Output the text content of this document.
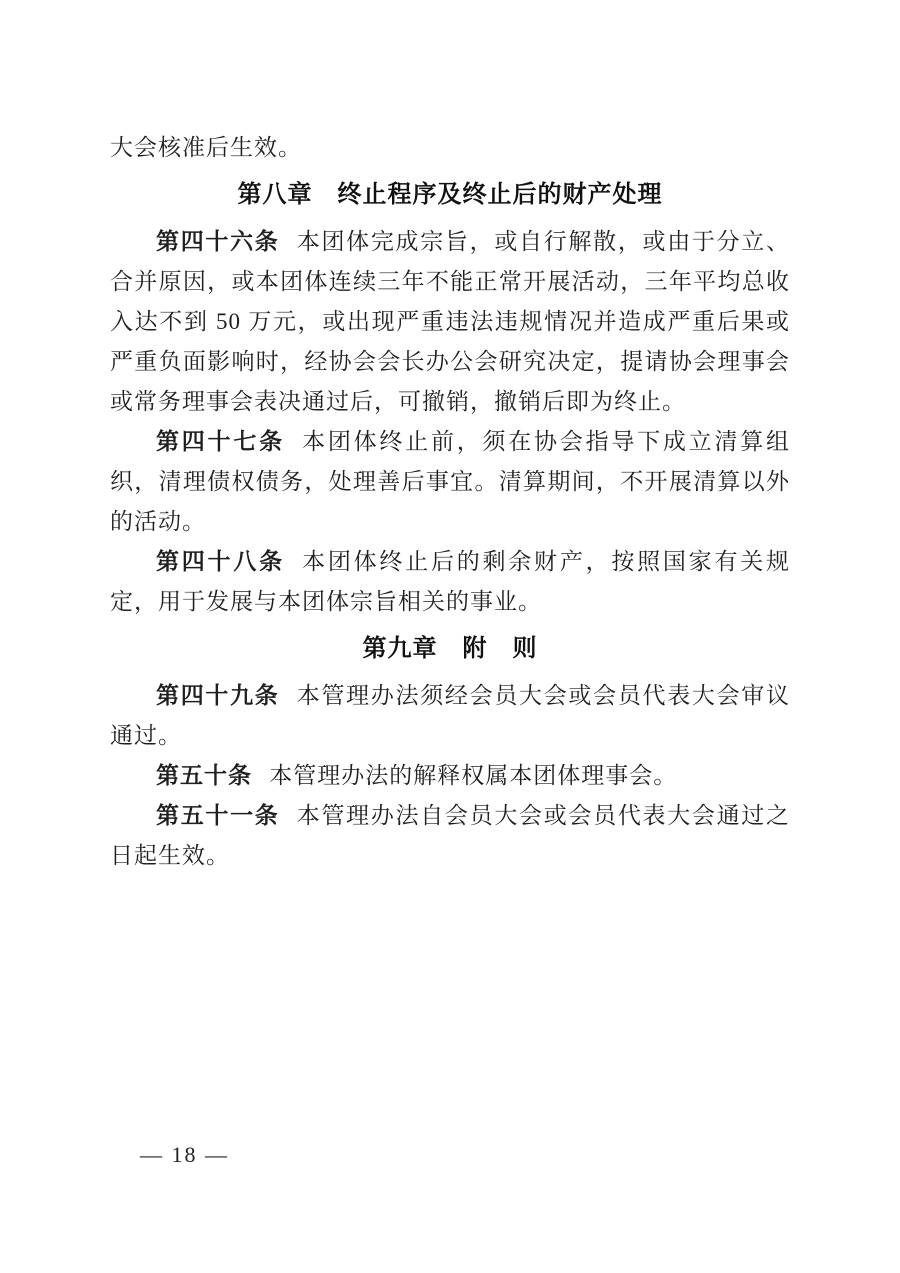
大会核准后生效。

第八章　终止程序及终止后的财产处理

第四十六条 本团体完成宗旨，或自行解散，或由于分立、合并原因，或本团体连续三年不能正常开展活动，三年平均总收入达不到 50 万元，或出现严重违法违规情况并造成严重后果或严重负面影响时，经协会会长办公会研究决定，提请协会理事会或常务理事会表决通过后，可撤销，撤销后即为终止。

第四十七条 本团体终止前，须在协会指导下成立清算组织，清理债权债务，处理善后事宜。清算期间，不开展清算以外的活动。

第四十八条 本团体终止后的剩余财产，按照国家有关规定，用于发展与本团体宗旨相关的事业。

第九章　附　则

第四十九条 本管理办法须经会员大会或会员代表大会审议通过。

第五十条 本管理办法的解释权属本团体理事会。

第五十一条 本管理办法自会员大会或会员代表大会通过之日起生效。

— 18 —
